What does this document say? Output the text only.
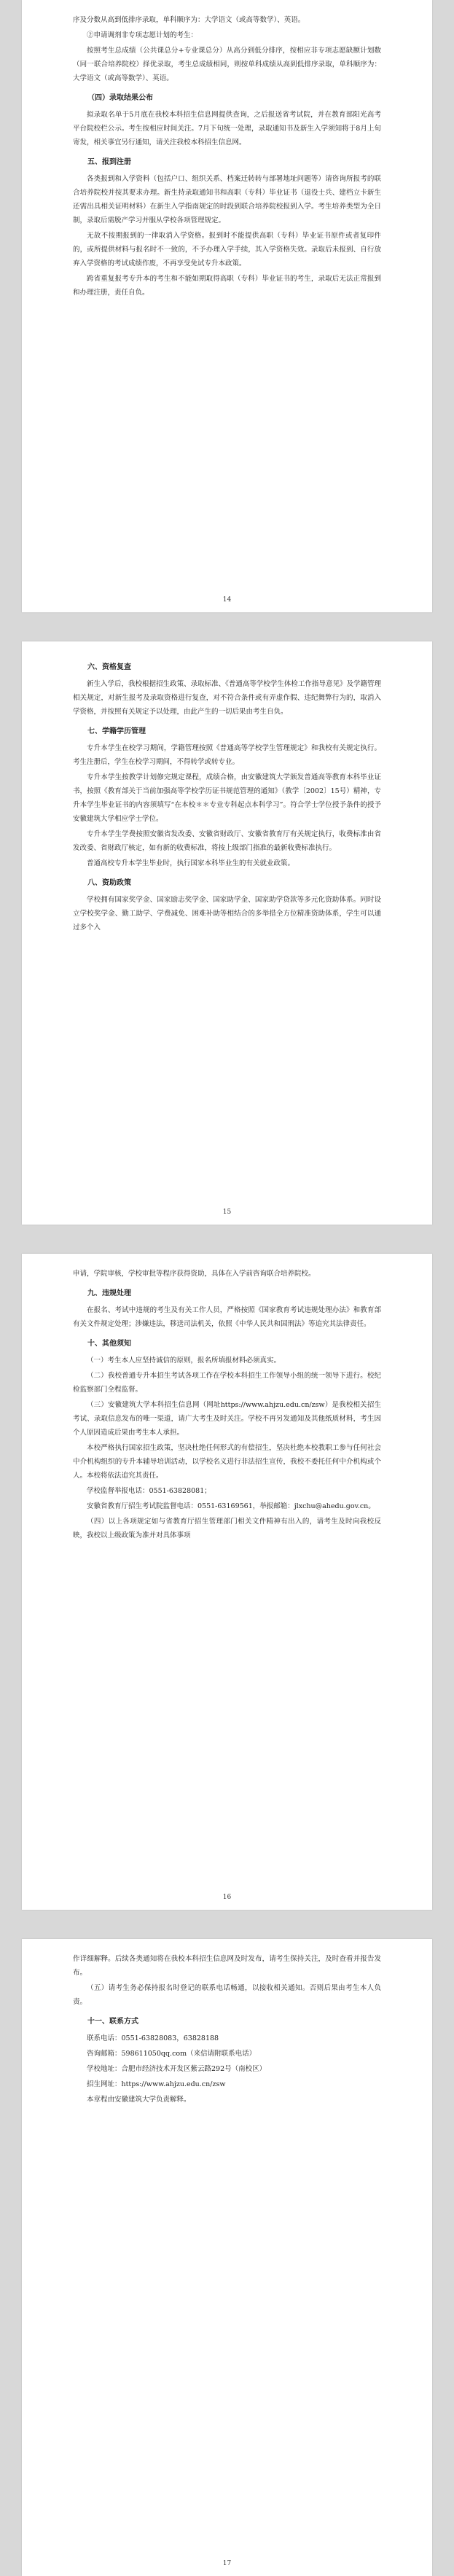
序及分数从高到低排序录取，单科顺序为：大学语文（或高等数学）、英语。

②申请调剂非专项志愿计划的考生：

按照考生总成绩（公共课总分+专业课总分）从高分到低分排序，按相应非专项志愿缺额计划数（同一联合培养院校）择优录取，考生总成绩相同，则按单科成绩从高到低排序录取，单科顺序为：大学语文（或高等数学）、英语。

（四）录取结果公布

拟录取名单于5月底在我校本科招生信息网提供查询，之后报送省考试院，并在教育部阳光高考平台院校栏公示。考生按相应时间关注。7月下旬统一处理，录取通知书及新生入学须知将于8月上旬寄发，相关事宜另行通知，请关注我校本科招生信息网。

五、报到注册

各类报到和入学资料（包括户口、组织关系、档案迁转转与部署地址问题等）请咨询所报考的联合培养院校并按其要求办理。新生持录取通知书和高职（专科）毕业证书（退役士兵、建档立卡新生还需出具相关证明材料）在新生入学指南规定的时段到联合培养院校报到入学。考生培养类型为全日制，录取后需脱产学习并服从学校各项管理规定。

无故不按期报到的一律取消入学资格。报到时不能提供高职（专科）毕业证书原件或者复印件的，或所提供材料与报名时不一致的，不予办理入学手续，其入学资格失效。录取后未报到、自行放弃入学资格的考试成绩作废，不再享受免试专升本政策。

跨省重复报考专升本的考生和不能如期取得高职（专科）毕业证书的考生，录取后无法正常报到和办理注册，责任自负。

14

六、资格复查

新生入学后，我校根据招生政策、录取标准、《普通高等学校学生体检工作指导意见》及学籍管理相关规定，对新生报考及录取资格进行复查，对不符合条件或有弄虚作假、违纪舞弊行为的，取消入学资格，并按照有关规定予以处理，由此产生的一切后果由考生自负。

七、学籍学历管理

专升本学生在校学习期间，学籍管理按照《普通高等学校学生管理规定》和我校有关规定执行。考生注册后，学生在校学习期间，不得转学或转专业。

专升本学生按教学计划修完规定课程，成绩合格，由安徽建筑大学颁发普通高等教育本科毕业证书，按照《教育部关于当前加强高等学校学历证书规范管理的通知》（教学〔2002〕15号）精神，专升本学生毕业证书的内容须填写“在本校＊＊专业专科起点本科学习”。符合学士学位授予条件的授予安徽建筑大学相应学士学位。

专升本学生学费按照安徽省发改委、安徽省财政厅、安徽省教育厅有关规定执行，收费标准由省发改委、省财政厅核定，如有新的收费标准，将按上级部门指准的最新收费标准执行。

普通高校专升本学生毕业时，执行国家本科毕业生的有关就业政策。

八、资助政策

学校拥有国家奖学金、国家励志奖学金、国家助学金、国家助学贷款等多元化资助体系。同时设立学校奖学金、勤工助学、学费减免、困难补助等相结合的多举措全方位精准资助体系，学生可以通过多个入

15

申请，学院审核，学校审批等程序获得资助，具体在入学前咨询联合培养院校。

九、违规处理

在报名、考试中违规的考生及有关工作人员，严格按照《国家教育考试违规处理办法》和教育部有关文件规定处理；涉嫌违法，移送司法机关，依照《中华人民共和国刑法》等追究其法律责任。

十、其他须知

（一）考生本人应坚持诚信的原则，报名所填报材料必须真实。

（二）我校普通专升本招生考试各项工作在学校本科招生工作领导小组的统一领导下进行。校纪检监察部门全程监督。

（三）安徽建筑大学本科招生信息网（网址https://www.ahjzu.edu.cn/zsw）是我校相关招生考试、录取信息发布的唯一渠道，请广大考生及时关注。学校不再另发通知及其他纸质材料，考生因个人原因造成后果由考生本人承担。

本校严格执行国家招生政策，坚决杜绝任何形式的有偿招生，坚决杜绝本校教职工参与任何社会中介机构组织的专升本辅导培训活动，以学校名义进行非法招生宣传，我校不委托任何中介机构或个人。本校将依法追究其责任。

学校监督举报电话：0551-63828081；

安徽省教育厅招生考试院监督电话：0551-63169561，举报邮箱：jlxchu@ahedu.gov.cn。

（四）以上各项规定如与省教育厅招生管理部门相关文件精神有出入的，请考生及时向我校反映，我校以上级政策为准并对具体事项

16

作详细解释。后续各类通知将在我校本科招生信息网及时发布，请考生保持关注，及时查看并报告发布。

（五）请考生务必保持报名时登记的联系电话畅通，以接收相关通知。否则后果由考生本人负责。

十一、联系方式

联系电话：0551-63828083，63828188

咨询邮箱：598611050qq.com（来信请附联系电话）

学校地址：合肥市经济技术开发区紫云路292号（南校区）

招生网址：https://www.ahjzu.edu.cn/zsw

本章程由安徽建筑大学负责解释。

17
